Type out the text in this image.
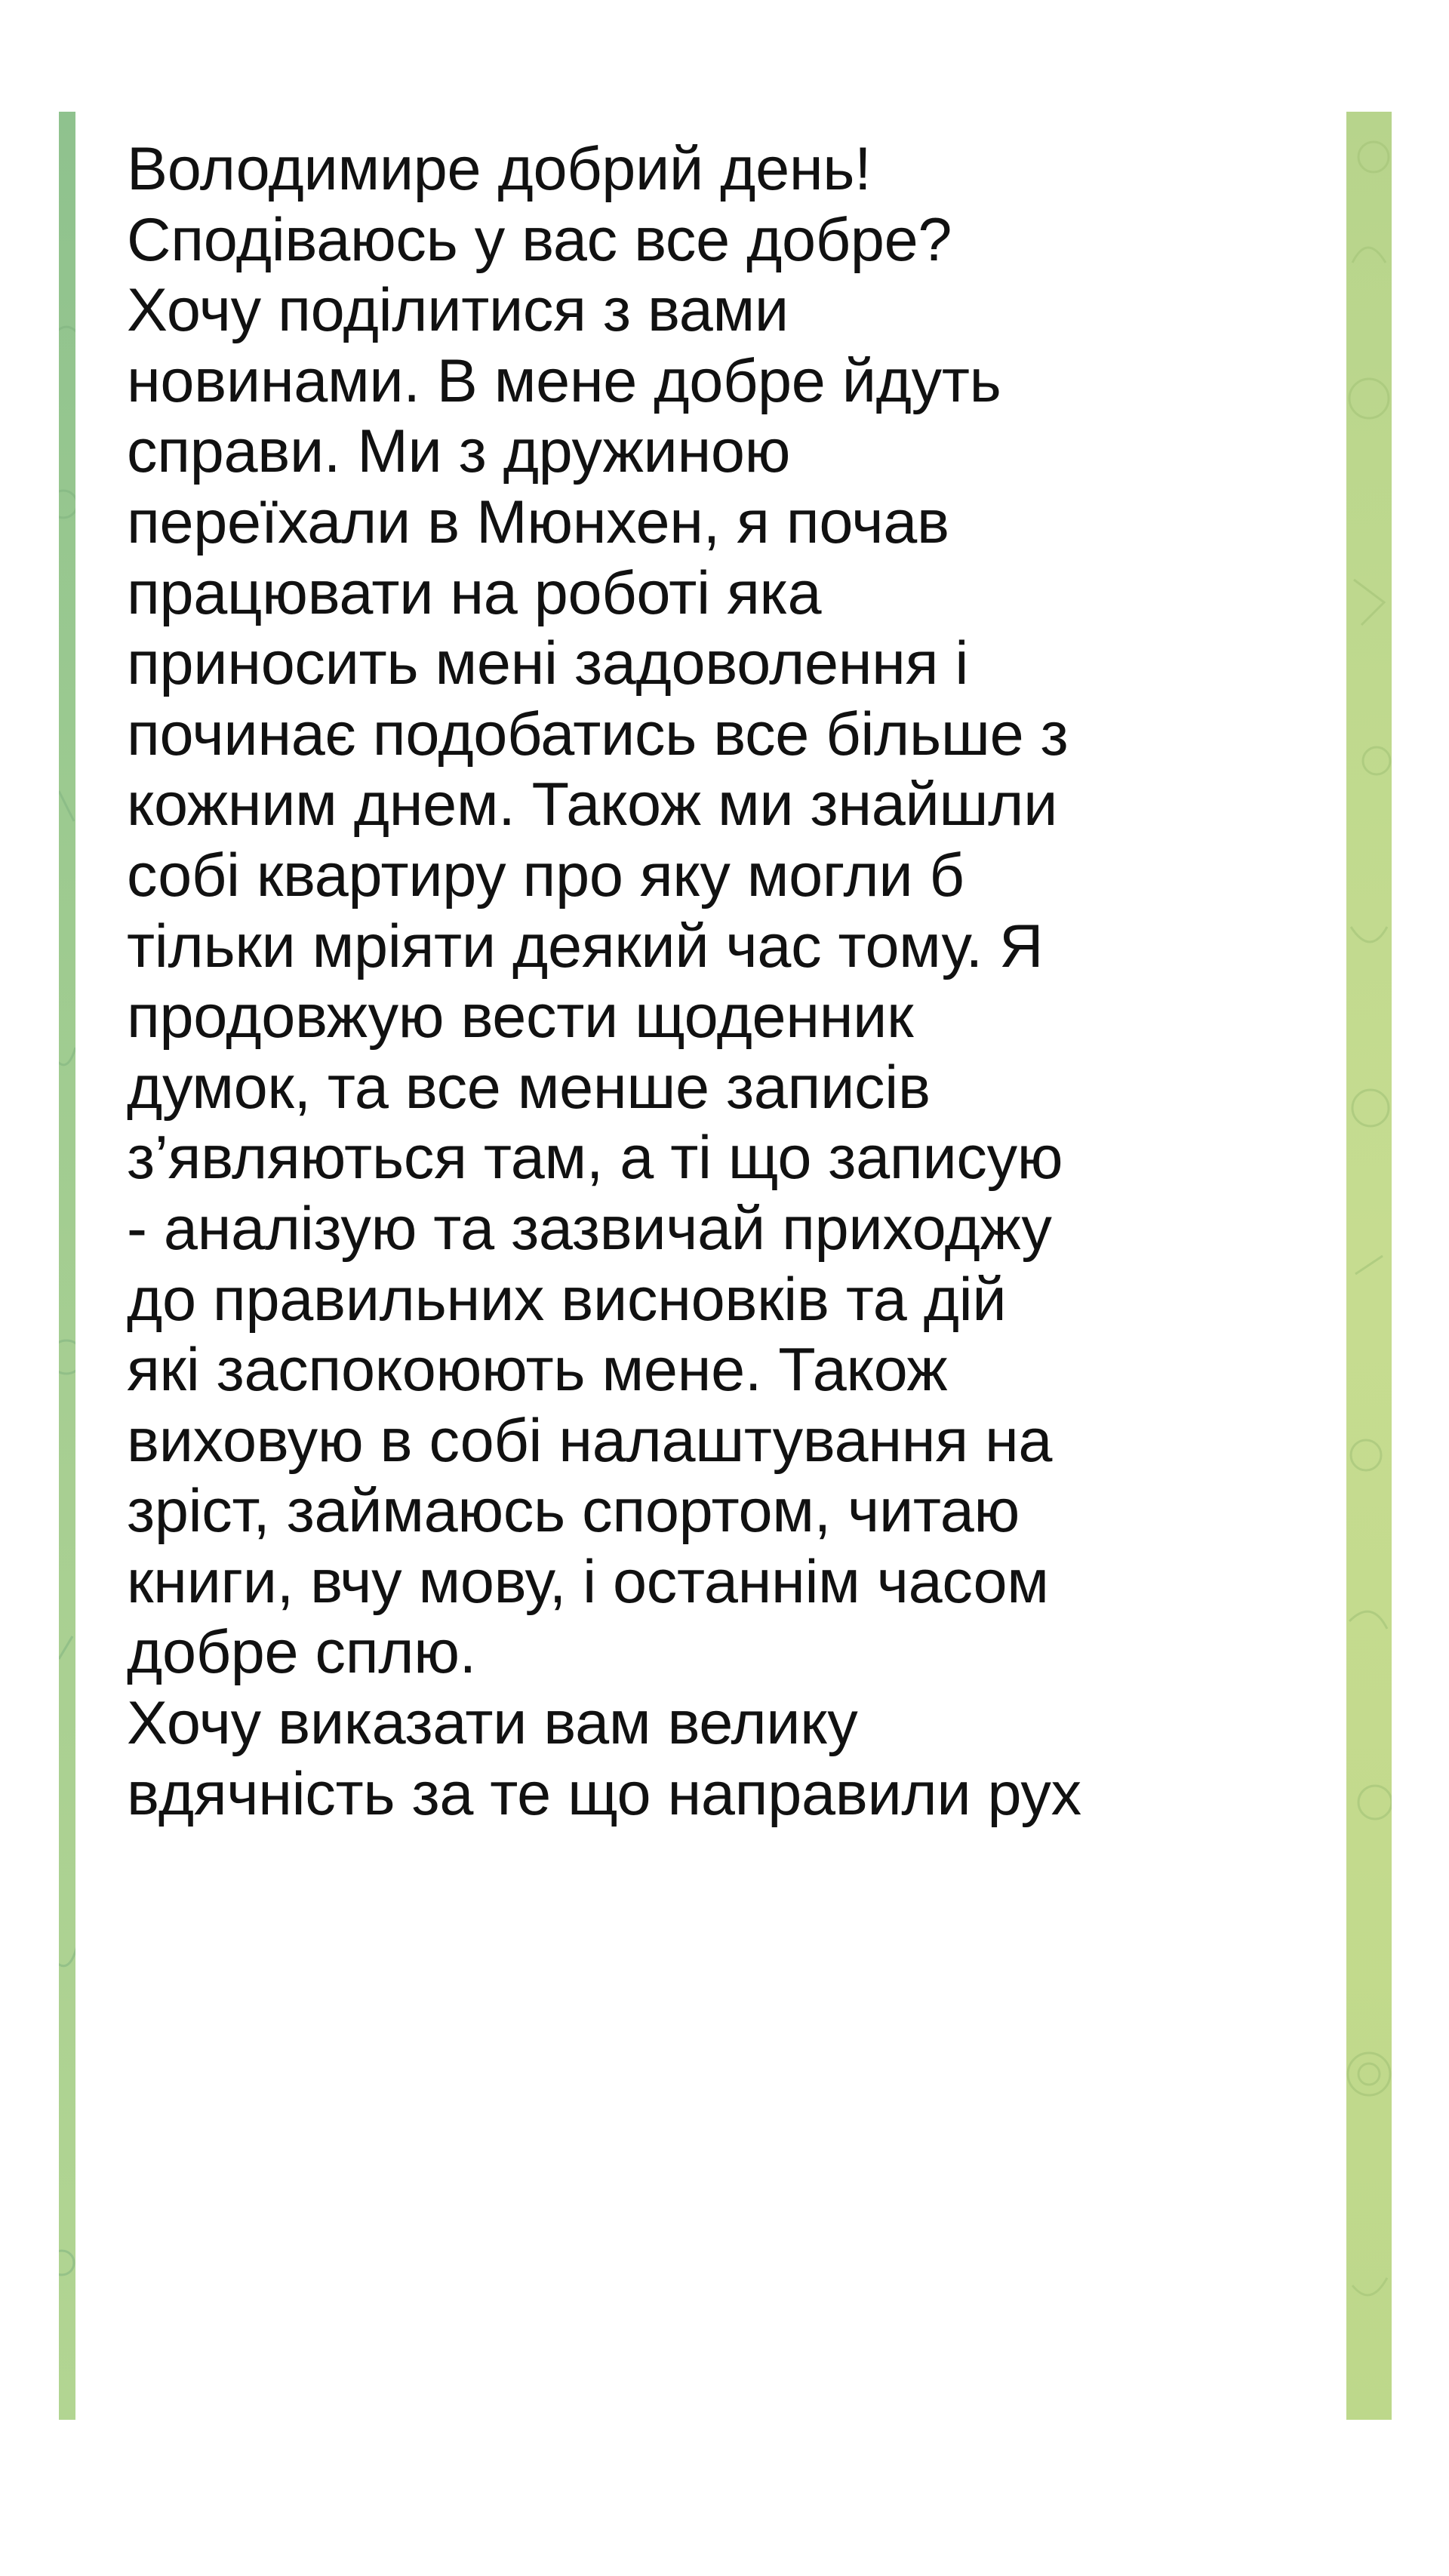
Володимире добрий день!
Сподіваюсь у вас все добре?
Хочу поділитися з вами
новинами. В мене добре йдуть
справи. Ми з дружиною
переїхали в Мюнхен, я почав
працювати на роботі яка
приносить мені задоволення і
починає подобатись все більше з
кожним днем. Також ми знайшли
собі квартиру про яку могли б
тільки мріяти деякий час тому. Я
продовжую вести щоденник
думок, та все менше записів
з’являються там, а ті що записую
- аналізую та зазвичай приходжу
до правильних висновків та дій
які заспокоюють мене. Також
виховую в собі налаштування на
зріст, займаюсь спортом, читаю
книги, вчу мову, і останнім часом
добре сплю.
Хочу виказати вам велику
вдячність за те що направили рух
